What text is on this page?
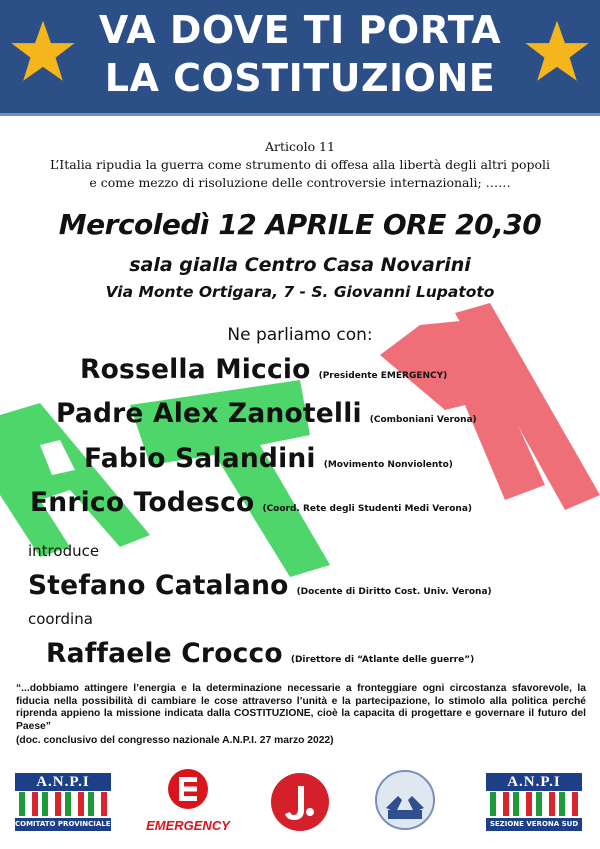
VA DOVE TI PORTA
LA COSTITUZIONE
Articolo 11
L’Italia ripudia la guerra come strumento di offesa alla libertà degli altri popoli
e come mezzo di risoluzione delle controversie internazionali; ……
Mercoledì 12 APRILE ORE 20,30
sala gialla Centro Casa Novarini
Via Monte Ortigara, 7 - S. Giovanni Lupatoto
Ne parliamo con:
Rossella Miccio (Presidente EMERGENCY)
Padre Alex Zanotelli (Comboniani Verona)
Fabio Salandini (Movimento Nonviolento)
Enrico Todesco (Coord. Rete degli Studenti Medi Verona)
introduce
Stefano Catalano (Docente di Diritto Cost. Univ. Verona)
coordina
Raffaele Crocco (Direttore di “Atlante delle guerre”)
“...dobbiamo attingere l’energia e la determinazione necessarie a fronteggiare ogni circostanza sfavorevole, la fiducia nella possibilità di cambiare le cose attraverso l’unità e la partecipazione, lo stimolo alla politica perché riprenda appieno la missione indicata dalla COSTITUZIONE, cioè la capacita di progettare e governare il futuro del Paese”
(doc. conclusivo del congresso nazionale A.N.P.I. 27 marzo 2022)
A.N.P.I
COMITATO PROVINCIALE di VERONA
EMERGENCY
A.N.P.I
SEZIONE VERONA SUD
